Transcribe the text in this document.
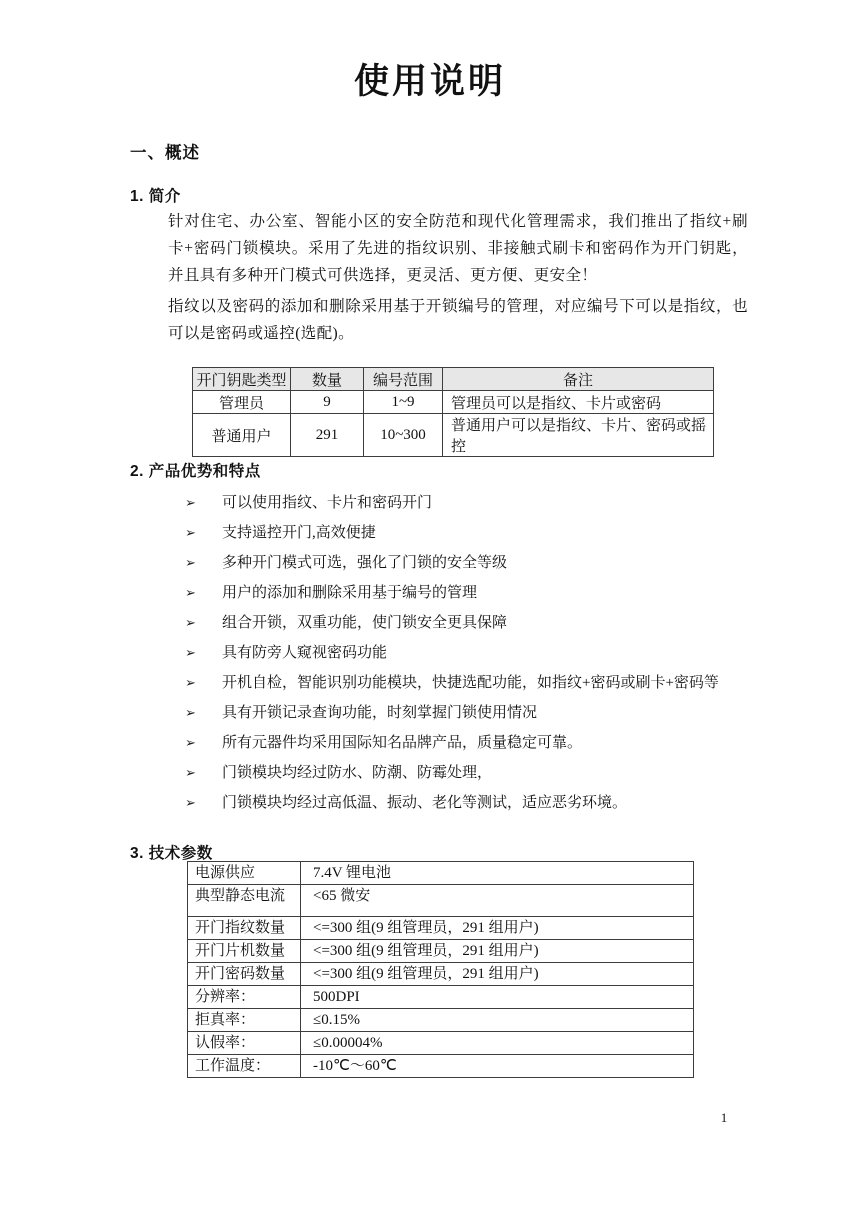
使用说明
一、概述
1. 简介

针对住宅、办公室、智能小区的安全防范和现代化管理需求，我们推出了指纹+刷卡+密码门锁模块。采用了先进的指纹识别、非接触式刷卡和密码作为开门钥匙，并且具有多种开门模式可供选择，更灵活、更方便、更安全！

指纹以及密码的添加和删除采用基于开锁编号的管理，对应编号下可以是指纹，也可以是密码或遥控(选配)。

开门钥匙类型	数量	编号范围	备注
管理员	9	1~9	管理员可以是指纹、卡片或密码
普通用户	291	10~300	普通用户可以是指纹、卡片、密码或摇控
2. 产品优势和特点
➢ 可以使用指纹、卡片和密码开门
➢ 支持遥控开门,高效便捷
➢ 多种开门模式可选，强化了门锁的安全等级
➢ 用户的添加和删除采用基于编号的管理
➢ 组合开锁，双重功能，使门锁安全更具保障
➢ 具有防旁人窥视密码功能
➢ 开机自检，智能识别功能模块，快捷选配功能，如指纹+密码或刷卡+密码等
➢ 具有开锁记录查询功能，时刻掌握门锁使用情况
➢ 所有元器件均采用国际知名品牌产品，质量稳定可靠。
➢ 门锁模块均经过防水、防潮、防霉处理，
➢ 门锁模块均经过高低温、振动、老化等测试，适应恶劣环境。
3. 技术参数
电源供应	7.4V 锂电池
典型静态电流	<65 微安
开门指纹数量	<=300 组(9 组管理员，291 组用户)
开门片机数量	<=300 组(9 组管理员，291 组用户)
开门密码数量	<=300 组(9 组管理员，291 组用户)
分辨率：	500DPI
拒真率：	≤0.15%
认假率：	≤0.00004%
工作温度：	-10℃～60℃
1
